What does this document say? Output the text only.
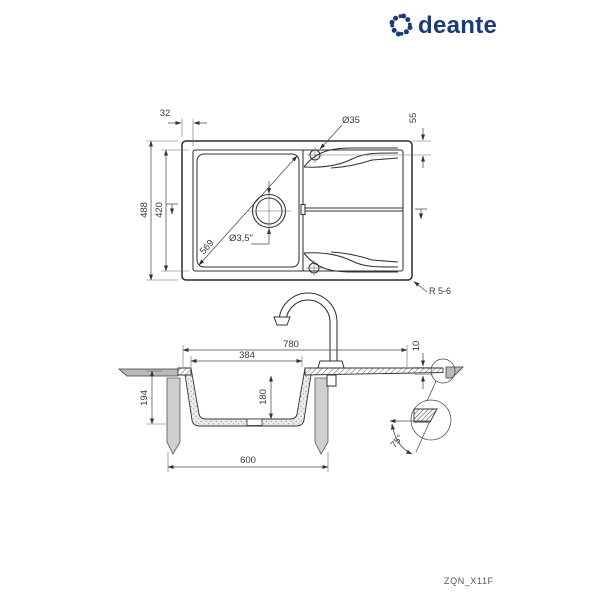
deante
569 Ø3,5"
488 420
32
Ø35	55
R 5-6
780
384
194	180
600
10
75°
ZQN_X11F
